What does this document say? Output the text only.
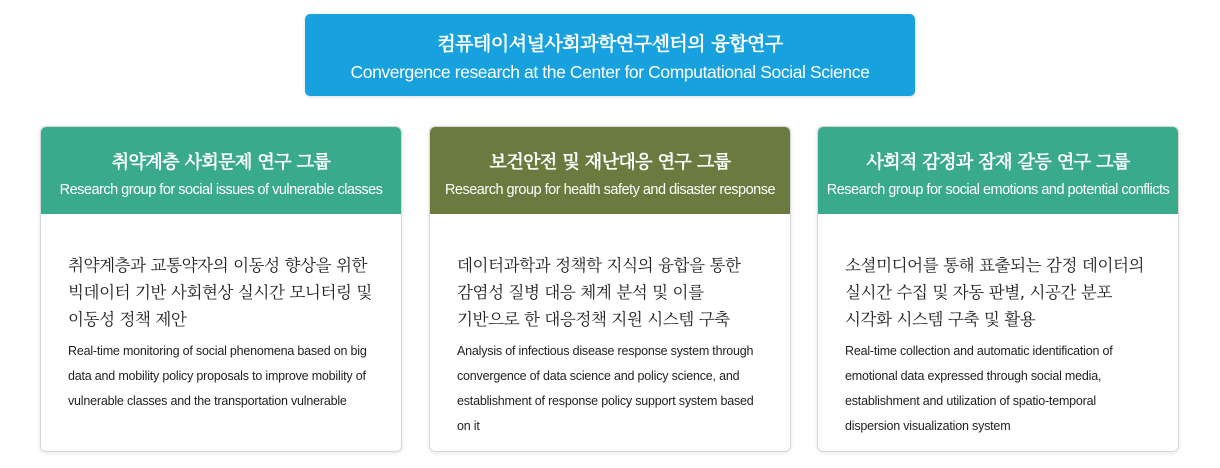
컴퓨테이셔널사회과학연구센터의 융합연구
Convergence research at the Center for Computational Social Science
취약계층 사회문제 연구 그룹
Research group for social issues of vulnerable classes
취약계층과 교통약자의 이동성 향상을 위한 빅데이터 기반 사회현상 실시간 모니터링 및 이동성 정책 제안
Real-time monitoring of social phenomena based on big data and mobility policy proposals to improve mobility of vulnerable classes and the transportation vulnerable
보건안전 및 재난대응 연구 그룹
Research group for health safety and disaster response
데이터과학과 정책학 지식의 융합을 통한 감염성 질병 대응 체계 분석 및 이를 기반으로 한 대응정책 지원 시스템 구축
Analysis of infectious disease response system through convergence of data science and policy science, and establishment of response policy support system based on it
사회적 감정과 잠재 갈등 연구 그룹
Research group for social emotions and potential conflicts
소셜미디어를 통해 표출되는 감정 데이터의 실시간 수집 및 자동 판별, 시공간 분포 시각화 시스템 구축 및 활용
Real-time collection and automatic identification of emotional data expressed through social media, establishment and utilization of spatio-temporal dispersion visualization system
